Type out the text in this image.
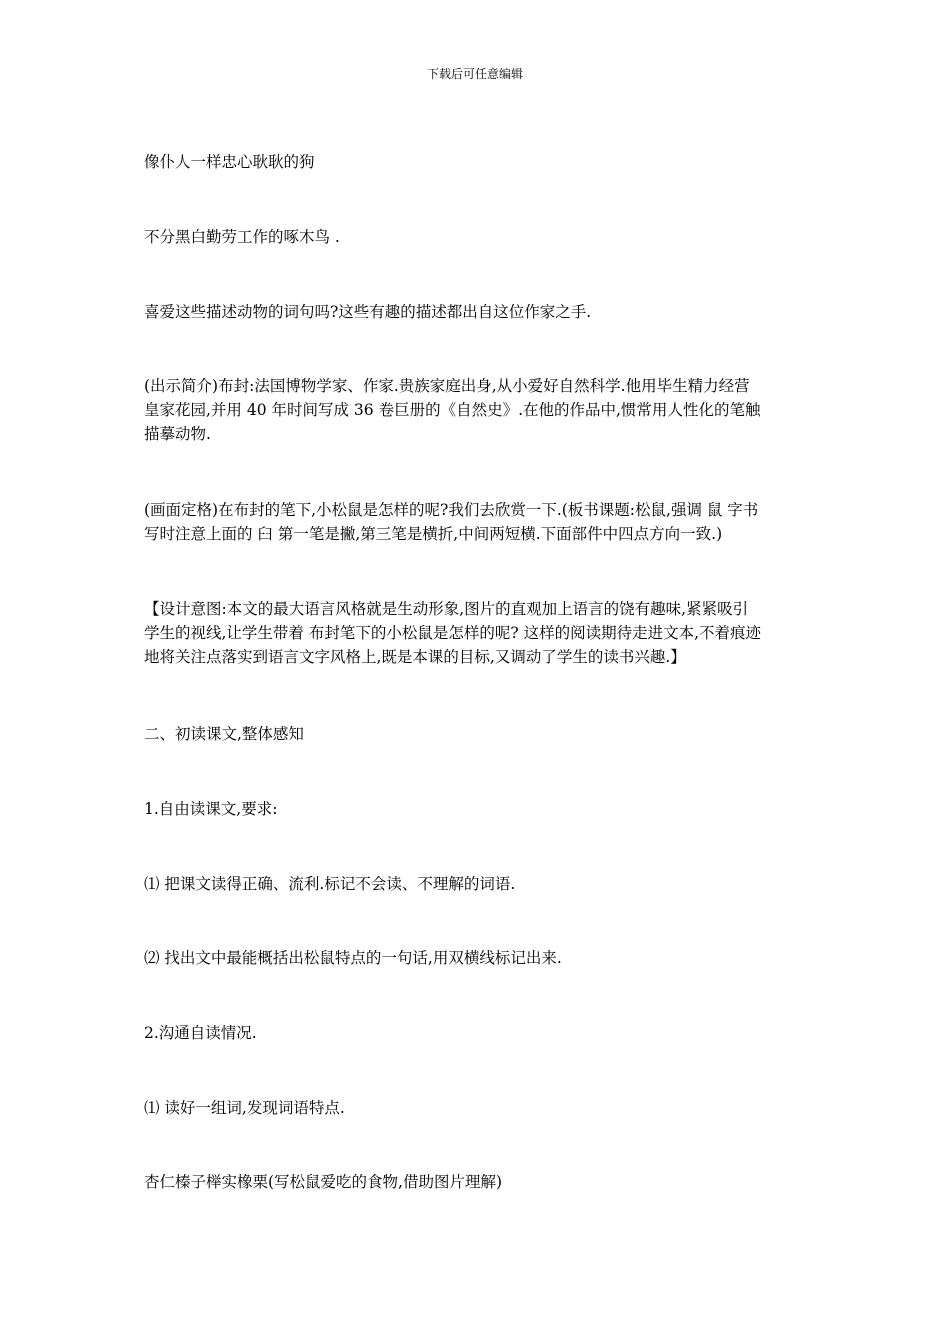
下载后可任意编辑
像仆人一样忠心耿耿的狗
不分黑白勤劳工作的啄木鸟 .
喜爱这些描述动物的词句吗?这些有趣的描述都出自这位作家之手.
(出示简介)布封:法国博物学家、作家.贵族家庭出身,从小爱好自然科学.他用毕生精力经营
皇家花园,并用 40 年时间写成 36 卷巨册的《自然史》.在他的作品中,惯常用人性化的笔触
描摹动物.
(画面定格)在布封的笔下,小松鼠是怎样的呢?我们去欣赏一下.(板书课题:松鼠,强调 鼠 字书
写时注意上面的 臼 第一笔是撇,第三笔是横折,中间两短横.下面部件中四点方向一致.)
【设计意图:本文的最大语言风格就是生动形象,图片的直观加上语言的饶有趣味,紧紧吸引
学生的视线,让学生带着 布封笔下的小松鼠是怎样的呢? 这样的阅读期待走进文本,不着痕迹
地将关注点落实到语言文字风格上,既是本课的目标,又调动了学生的读书兴趣.】
二、初读课文,整体感知
1.自由读课文,要求:
⑴ 把课文读得正确、流利.标记不会读、不理解的词语.
⑵ 找出文中最能概括出松鼠特点的一句话,用双横线标记出来.
2.沟通自读情况.
⑴ 读好一组词,发现词语特点.
杏仁榛子榉实橡栗(写松鼠爱吃的食物,借助图片理解)
